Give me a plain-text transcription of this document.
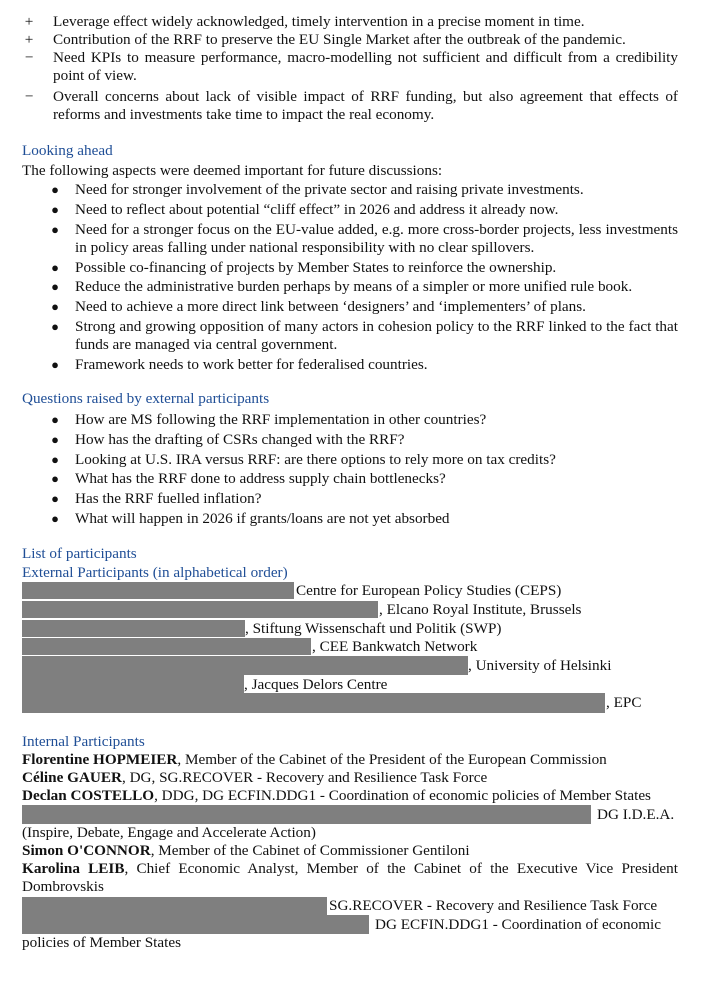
+ Leverage effect widely acknowledged, timely intervention in a precise moment in time.
+ Contribution of the RRF to preserve the EU Single Market after the outbreak of the pandemic.
− Need KPIs to measure performance, macro-modelling not sufficient and difficult from a credibility point of view.
− Overall concerns about lack of visible impact of RRF funding, but also agreement that effects of reforms and investments take time to impact the real economy.
Looking ahead
The following aspects were deemed important for future discussions:
● Need for stronger involvement of the private sector and raising private investments.
● Need to reflect about potential “cliff effect” in 2026 and address it already now.
● Need for a stronger focus on the EU-value added, e.g. more cross-border projects, less investments in policy areas falling under national responsibility with no clear spillovers.
● Possible co-financing of projects by Member States to reinforce the ownership.
● Reduce the administrative burden perhaps by means of a simpler or more unified rule book.
● Need to achieve a more direct link between ‘designers’ and ‘implementers’ of plans.
● Strong and growing opposition of many actors in cohesion policy to the RRF linked to the fact that funds are managed via central government.
● Framework needs to work better for federalised countries.
Questions raised by external participants
● How are MS following the RRF implementation in other countries?
● How has the drafting of CSRs changed with the RRF?
● Looking at U.S. IRA versus RRF: are there options to rely more on tax credits?
● What has the RRF done to address supply chain bottlenecks?
● Has the RRF fuelled inflation?
● What will happen in 2026 if grants/loans are not yet absorbed
List of participants
External Participants (in alphabetical order)
Centre for European Policy Studies (CEPS)
, Elcano Royal Institute, Brussels
, Stiftung Wissenschaft und Politik (SWP)
, CEE Bankwatch Network
, University of Helsinki
, Jacques Delors Centre
, EPC
Internal Participants
Florentine HOPMEIER, Member of the Cabinet of the President of the European Commission
Céline GAUER, DG, SG.RECOVER - Recovery and Resilience Task Force
Declan COSTELLO, DDG, DG ECFIN.DDG1 - Coordination of economic policies of Member States
DG I.D.E.A.
(Inspire, Debate, Engage and Accelerate Action)
Simon O'CONNOR, Member of the Cabinet of Commissioner Gentiloni
Karolina LEIB, Chief Economic Analyst, Member of the Cabinet of the Executive Vice President
Dombrovskis
SG.RECOVER - Recovery and Resilience Task Force
DG ECFIN.DDG1 - Coordination of economic
policies of Member States
